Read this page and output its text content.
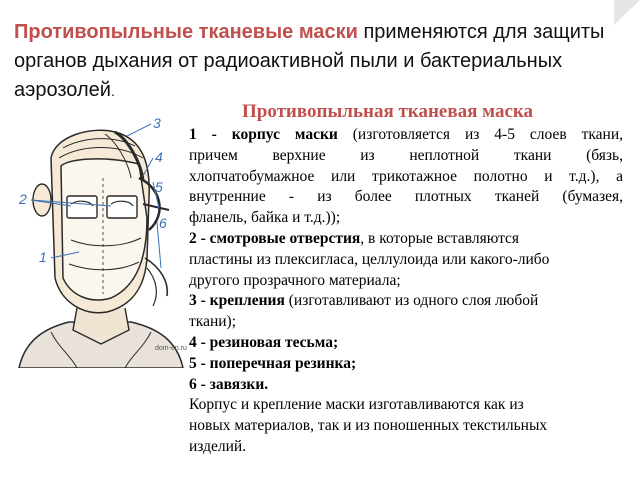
Противопыльные тканевые маски применяются для защиты
органов дыхания от радиоактивной пыли и бактериальных
аэрозолей.
Противопыльная тканевая маска
1
2
3
4
5
6
dom-en.ru

1 - корпус маски (изготовляется из 4-5 слоев ткани,

причем верхние из неплотной ткани (бязь,

хлопчатобумажное или трикотажное полотно и т.д.), а

внутренние - из более плотных тканей (бумазея,

фланель, байка и т.д.));

2 - смотровые отверстия, в которые вставляются

пластины из плексигласа, целлулоида или какого-либо

другого прозрачного материала;

3 - крепления (изготавливают из одного слоя любой

ткани);

4 - резиновая тесьма;

5 - поперечная резинка;

6 - завязки.

Корпус и крепление маски изготавливаются как из

новых материалов, так и из поношенных текстильных

изделий.
